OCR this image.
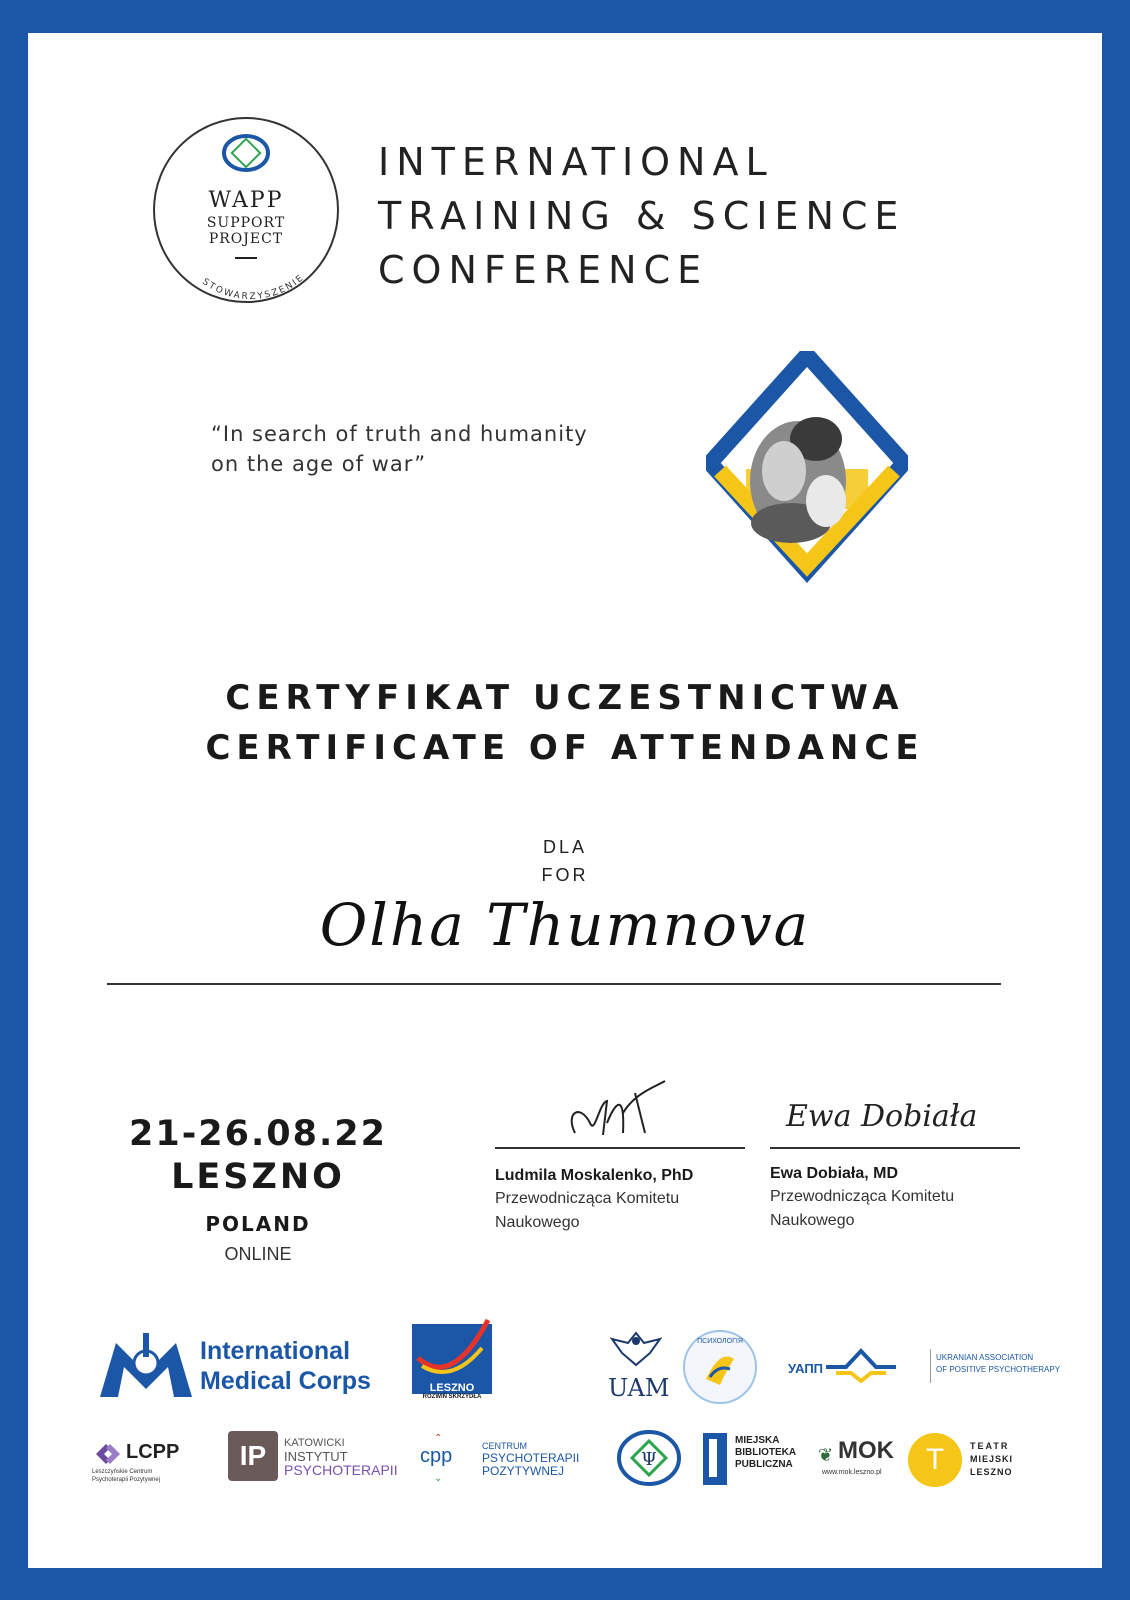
WAPP
SUPPORT
PROJECT
STOWARZYSZENIE
INTERNATIONAL
TRAINING & SCIENCE
CONFERENCE
“In search of truth and humanity
on the age of war”
CERTYFIKAT UCZESTNICTWA
CERTIFICATE OF ATTENDANCE
DLA
FOR
Olha Thumnova
21-26.08.22
LESZNO
POLAND
ONLINE
Ludmila Moskalenko, PhD
Przewodnicząca Komitetu
Naukowego
Ewa Dobiała
Ewa Dobiała, MD
Przewodnicząca Komitetu
Naukowego
International
Medical Corps	LESZNO
ROZWIŃ SKRZYDŁA	UAM
ПСИХОЛОГІЯ
УАПП
UKRANIAN ASSOCIATION
OF POSITIVE PSYCHOTHERAPY
LCPP
Leszczyńskie Centrum
Psychoterapii Pozytywnej
IP	KATOWICKI
INSTYTUT
PSYCHOTERAPII
cpp
⌃
⌄
CENTRUM
PSYCHOTERAPII
POZYTYWNEJ
Ψ
MIEJSKA
BIBLIOTEKA
PUBLICZNA
MOK
❦
www.mok.leszno.pl	T	TEATR
MIEJSKI
LESZNO
